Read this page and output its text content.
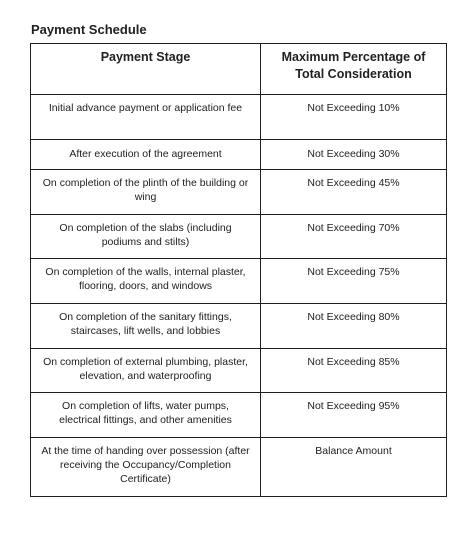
Payment Schedule
Payment Stage	Maximum Percentage of Total Consideration
Initial advance payment or application fee	Not Exceeding 10%
After execution of the agreement	Not Exceeding 30%
On completion of the plinth of the building or wing	Not Exceeding 45%
On completion of the slabs (including podiums and stilts)	Not Exceeding 70%
On completion of the walls, internal plaster, flooring, doors, and windows	Not Exceeding 75%
On completion of the sanitary fittings, staircases, lift wells, and lobbies	Not Exceeding 80%
On completion of external plumbing, plaster, elevation, and waterproofing	Not Exceeding 85%
On completion of lifts, water pumps, electrical fittings, and other amenities	Not Exceeding 95%
At the time of handing over possession (after receiving the Occupancy/Completion Certificate)	Balance Amount
